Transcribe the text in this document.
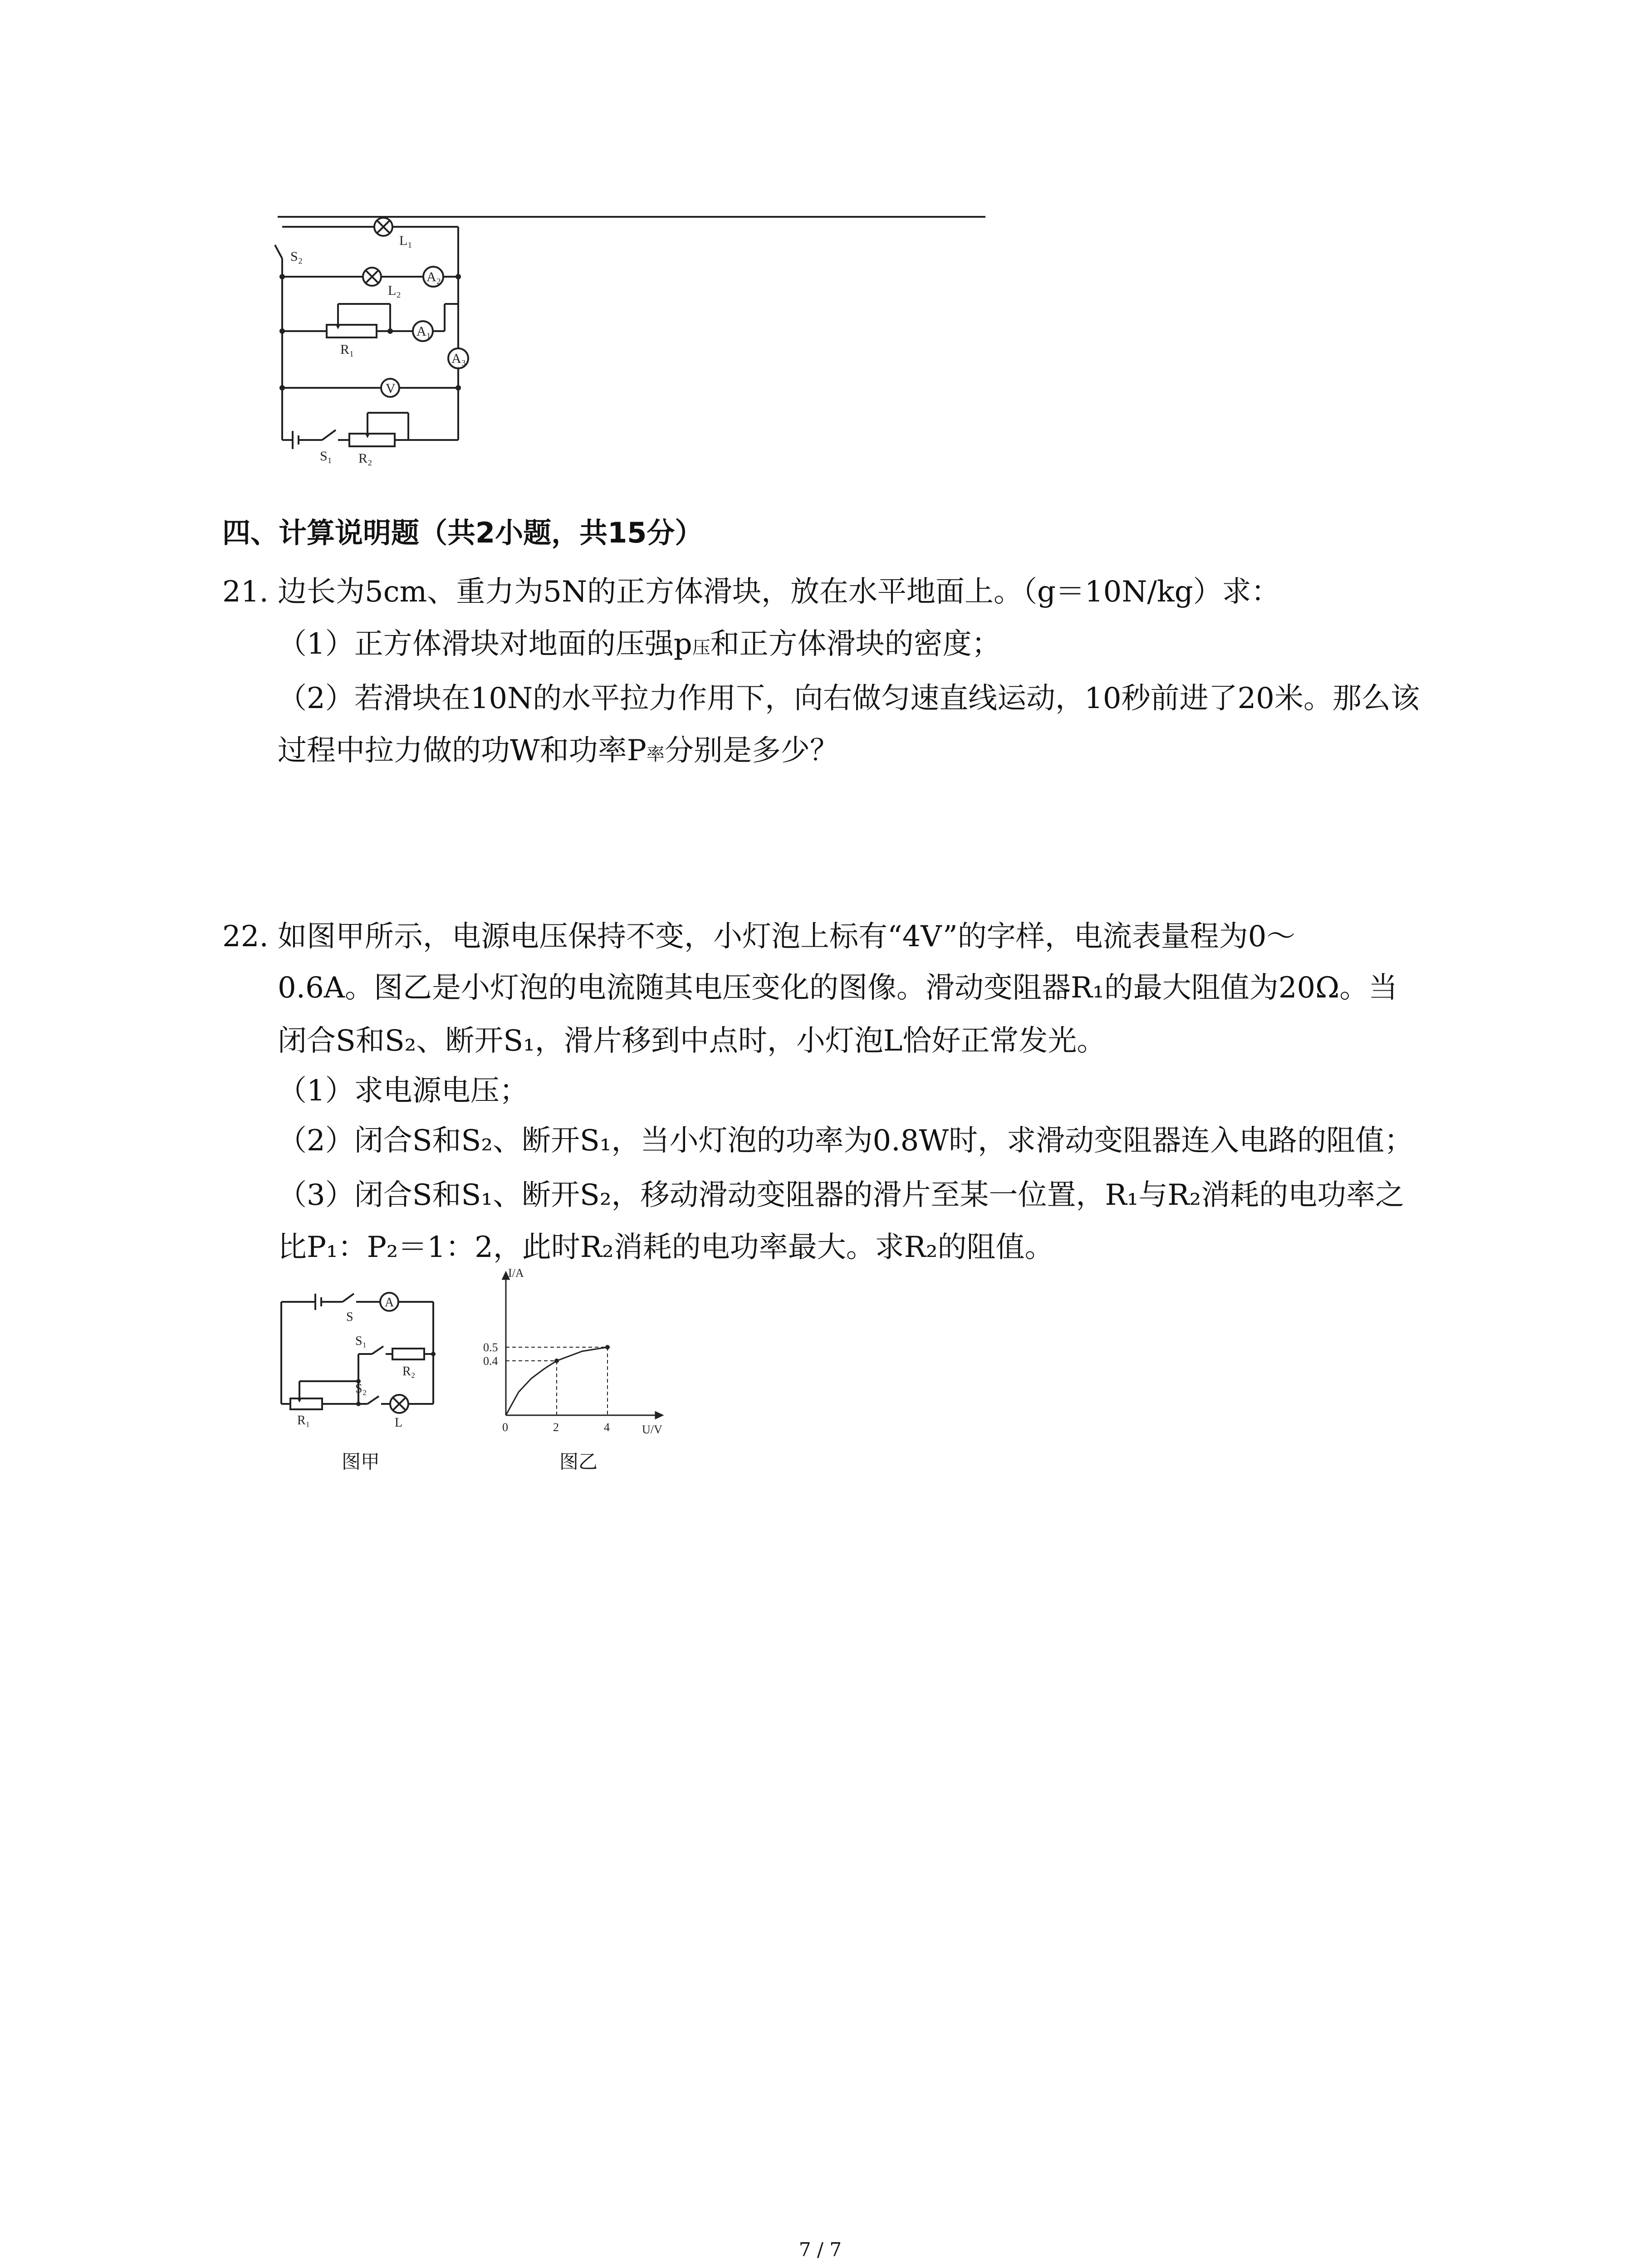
S₂
L₁
A₂
L₂
A₁
R₁
A₃
V
S₁ R₂
四、计算说明题（共2小题，共15分）
21. 边长为5cm、重力为5N的正方体滑块，放在水平地面上。（g＝10N/kg）求：
（1）正方体滑块对地面的压强p压和正方体滑块的密度；
（2）若滑块在10N的水平拉力作用下，向右做匀速直线运动，10秒前进了20米。那么该
过程中拉力做的功W和功率P率分别是多少？
22. 如图甲所示，电源电压保持不变，小灯泡上标有“4V”的字样，电流表量程为0～
0.6A。图乙是小灯泡的电流随其电压变化的图像。滑动变阻器R₁的最大阻值为20Ω。当
闭合S和S₂、断开S₁，滑片移到中点时，小灯泡L恰好正常发光。
（1）求电源电压；
（2）闭合S和S₂、断开S₁，当小灯泡的功率为0.8W时，求滑动变阻器连入电路的阻值；
（3）闭合S和S₁、断开S₂，移动滑动变阻器的滑片至某一位置，R₁与R₂消耗的电功率之
比P₁：P₂＝1：2，此时R₂消耗的电功率最大。求R₂的阻值。
S
A
S₁
R₂
S₂
R₁	L
图甲
0	2	4
0.4
0.5
I/A
U/V
图乙
7 / 7
